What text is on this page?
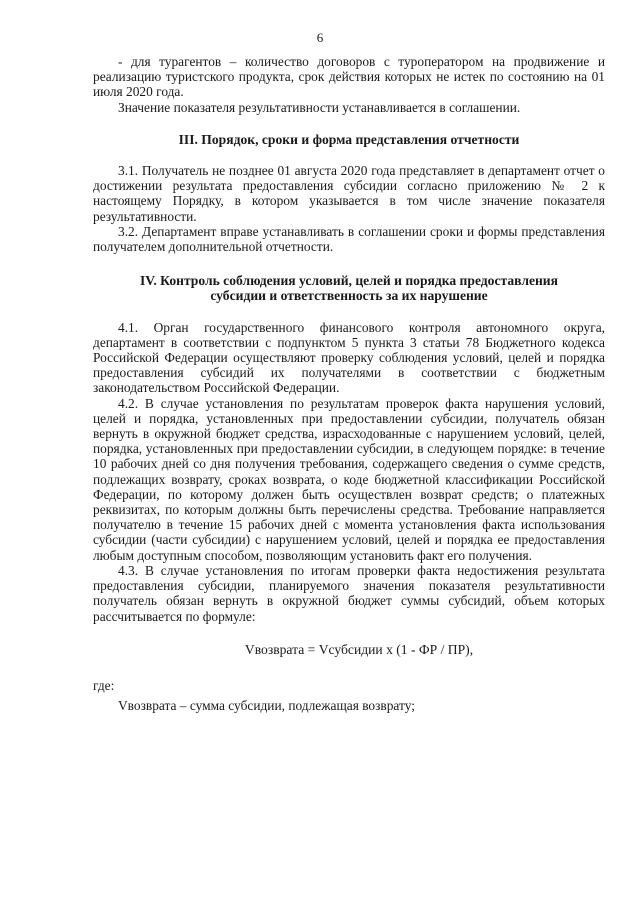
6

- для турагентов – количество договоров с туроператором на продвижение и реализацию туристского продукта, срок действия которых не истек по состоянию на 01 июля 2020 года.

Значение показателя результативности устанавливается в соглашении.

III. Порядок, сроки и форма представления отчетности

3.1. Получатель не позднее 01 августа 2020 года представляет в департамент отчет о достижении результата предоставления субсидии согласно приложению № 2 к настоящему Порядку, в котором указывается в том числе значение показателя результативности.

3.2. Департамент вправе устанавливать в соглашении сроки и формы представления получателем дополнительной отчетности.

IV. Контроль соблюдения условий, целей и порядка предоставления
субсидии и ответственность за их нарушение

4.1. Орган государственного финансового контроля автономного округа, департамент в соответствии с подпунктом 5 пункта 3 статьи 78 Бюджетного кодекса Российской Федерации осуществляют проверку соблюдения условий, целей и порядка предоставления субсидий их получателями в соответствии с бюджетным законодательством Российской Федерации.

4.2. В случае установления по результатам проверок факта нарушения условий, целей и порядка, установленных при предоставлении субсидии, получатель обязан вернуть в окружной бюджет средства, израсходованные с нарушением условий, целей, порядка, установленных при предоставлении субсидии, в следующем порядке: в течение 10 рабочих дней со дня получения требования, содержащего сведения о сумме средств, подлежащих возврату, сроках возврата, о коде бюджетной классификации Российской Федерации, по которому должен быть осуществлен возврат средств; о платежных реквизитах, по которым должны быть перечислены средства. Требование направляется получателю в течение 15 рабочих дней с момента установления факта использования субсидии (части субсидии) с нарушением условий, целей и порядка ее предоставления любым доступным способом, позволяющим установить факт его получения.

4.3. В случае установления по итогам проверки факта недостижения результата предоставления субсидии, планируемого значения показателя результативности получатель обязан вернуть в окружной бюджет суммы субсидий, объем которых рассчитывается по формуле:

Vвозврата = Vсубсидии x (1 - ФР / ПР),

где:

Vвозврата – сумма субсидии, подлежащая возврату;
